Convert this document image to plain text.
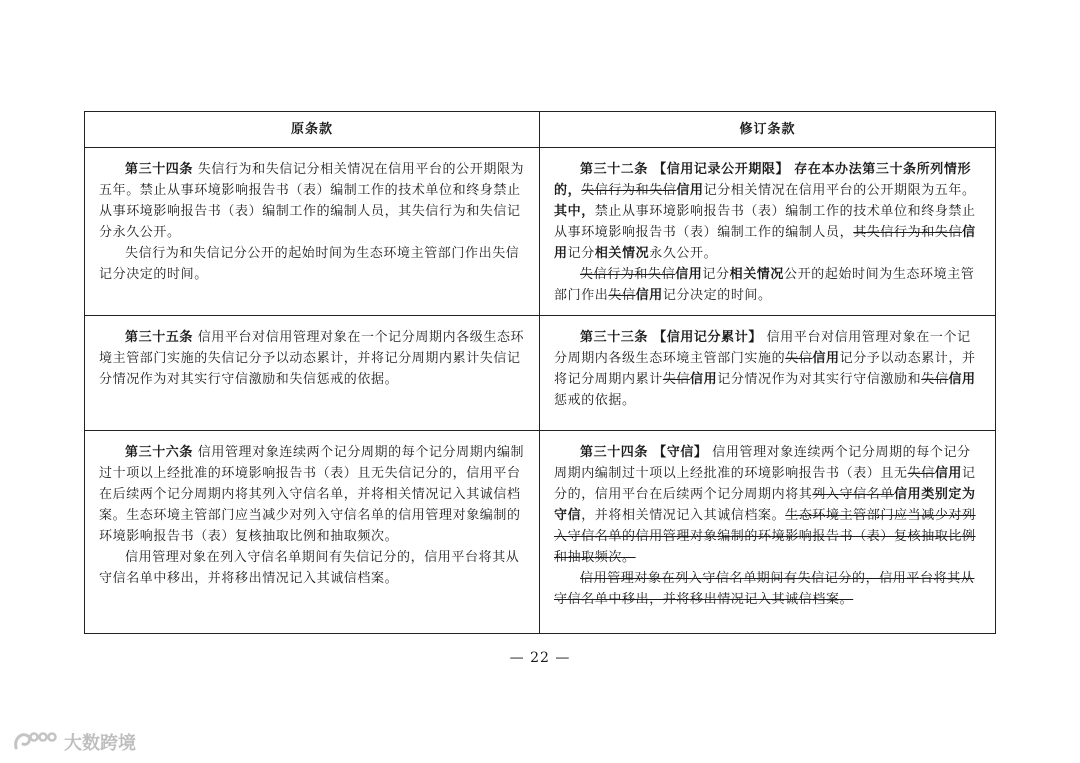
原条款	修订条款

第三十四条 失信行为和失信记分相关情况在信用平台的公开期限为五年。禁止从事环境影响报告书（表）编制工作的技术单位和终身禁止从事环境影响报告书（表）编制工作的编制人员，其失信行为和失信记分永久公开。

失信行为和失信记分公开的起始时间为生态环境主管部门作出失信记分决定的时间。

第三十二条 【信用记录公开期限】 存在本办法第三十条所列情形的，失信行为和失信信用记分相关情况在信用平台的公开期限为五年。其中，禁止从事环境影响报告书（表）编制工作的技术单位和终身禁止从事环境影响报告书（表）编制工作的编制人员，其失信行为和失信信用记分相关情况永久公开。

失信行为和失信信用记分相关情况公开的起始时间为生态环境主管部门作出失信信用记分决定的时间。

第三十五条 信用平台对信用管理对象在一个记分周期内各级生态环境主管部门实施的失信记分予以动态累计，并将记分周期内累计失信记分情况作为对其实行守信激励和失信惩戒的依据。

第三十三条 【信用记分累计】 信用平台对信用管理对象在一个记分周期内各级生态环境主管部门实施的失信信用记分予以动态累计，并将记分周期内累计失信信用记分情况作为对其实行守信激励和失信信用惩戒的依据。

第三十六条 信用管理对象连续两个记分周期的每个记分周期内编制过十项以上经批准的环境影响报告书（表）且无失信记分的，信用平台在后续两个记分周期内将其列入守信名单，并将相关情况记入其诚信档案。生态环境主管部门应当减少对列入守信名单的信用管理对象编制的环境影响报告书（表）复核抽取比例和抽取频次。

信用管理对象在列入守信名单期间有失信记分的，信用平台将其从守信名单中移出，并将移出情况记入其诚信档案。

第三十四条 【守信】 信用管理对象连续两个记分周期的每个记分周期内编制过十项以上经批准的环境影响报告书（表）且无失信信用记分的，信用平台在后续两个记分周期内将其列入守信名单信用类别定为守信，并将相关情况记入其诚信档案。生态环境主管部门应当减少对列入守信名单的信用管理对象编制的环境影响报告书（表）复核抽取比例和抽取频次。

信用管理对象在列入守信名单期间有失信记分的，信用平台将其从守信名单中移出，并将移出情况记入其诚信档案。

— 22 —
大数跨境
